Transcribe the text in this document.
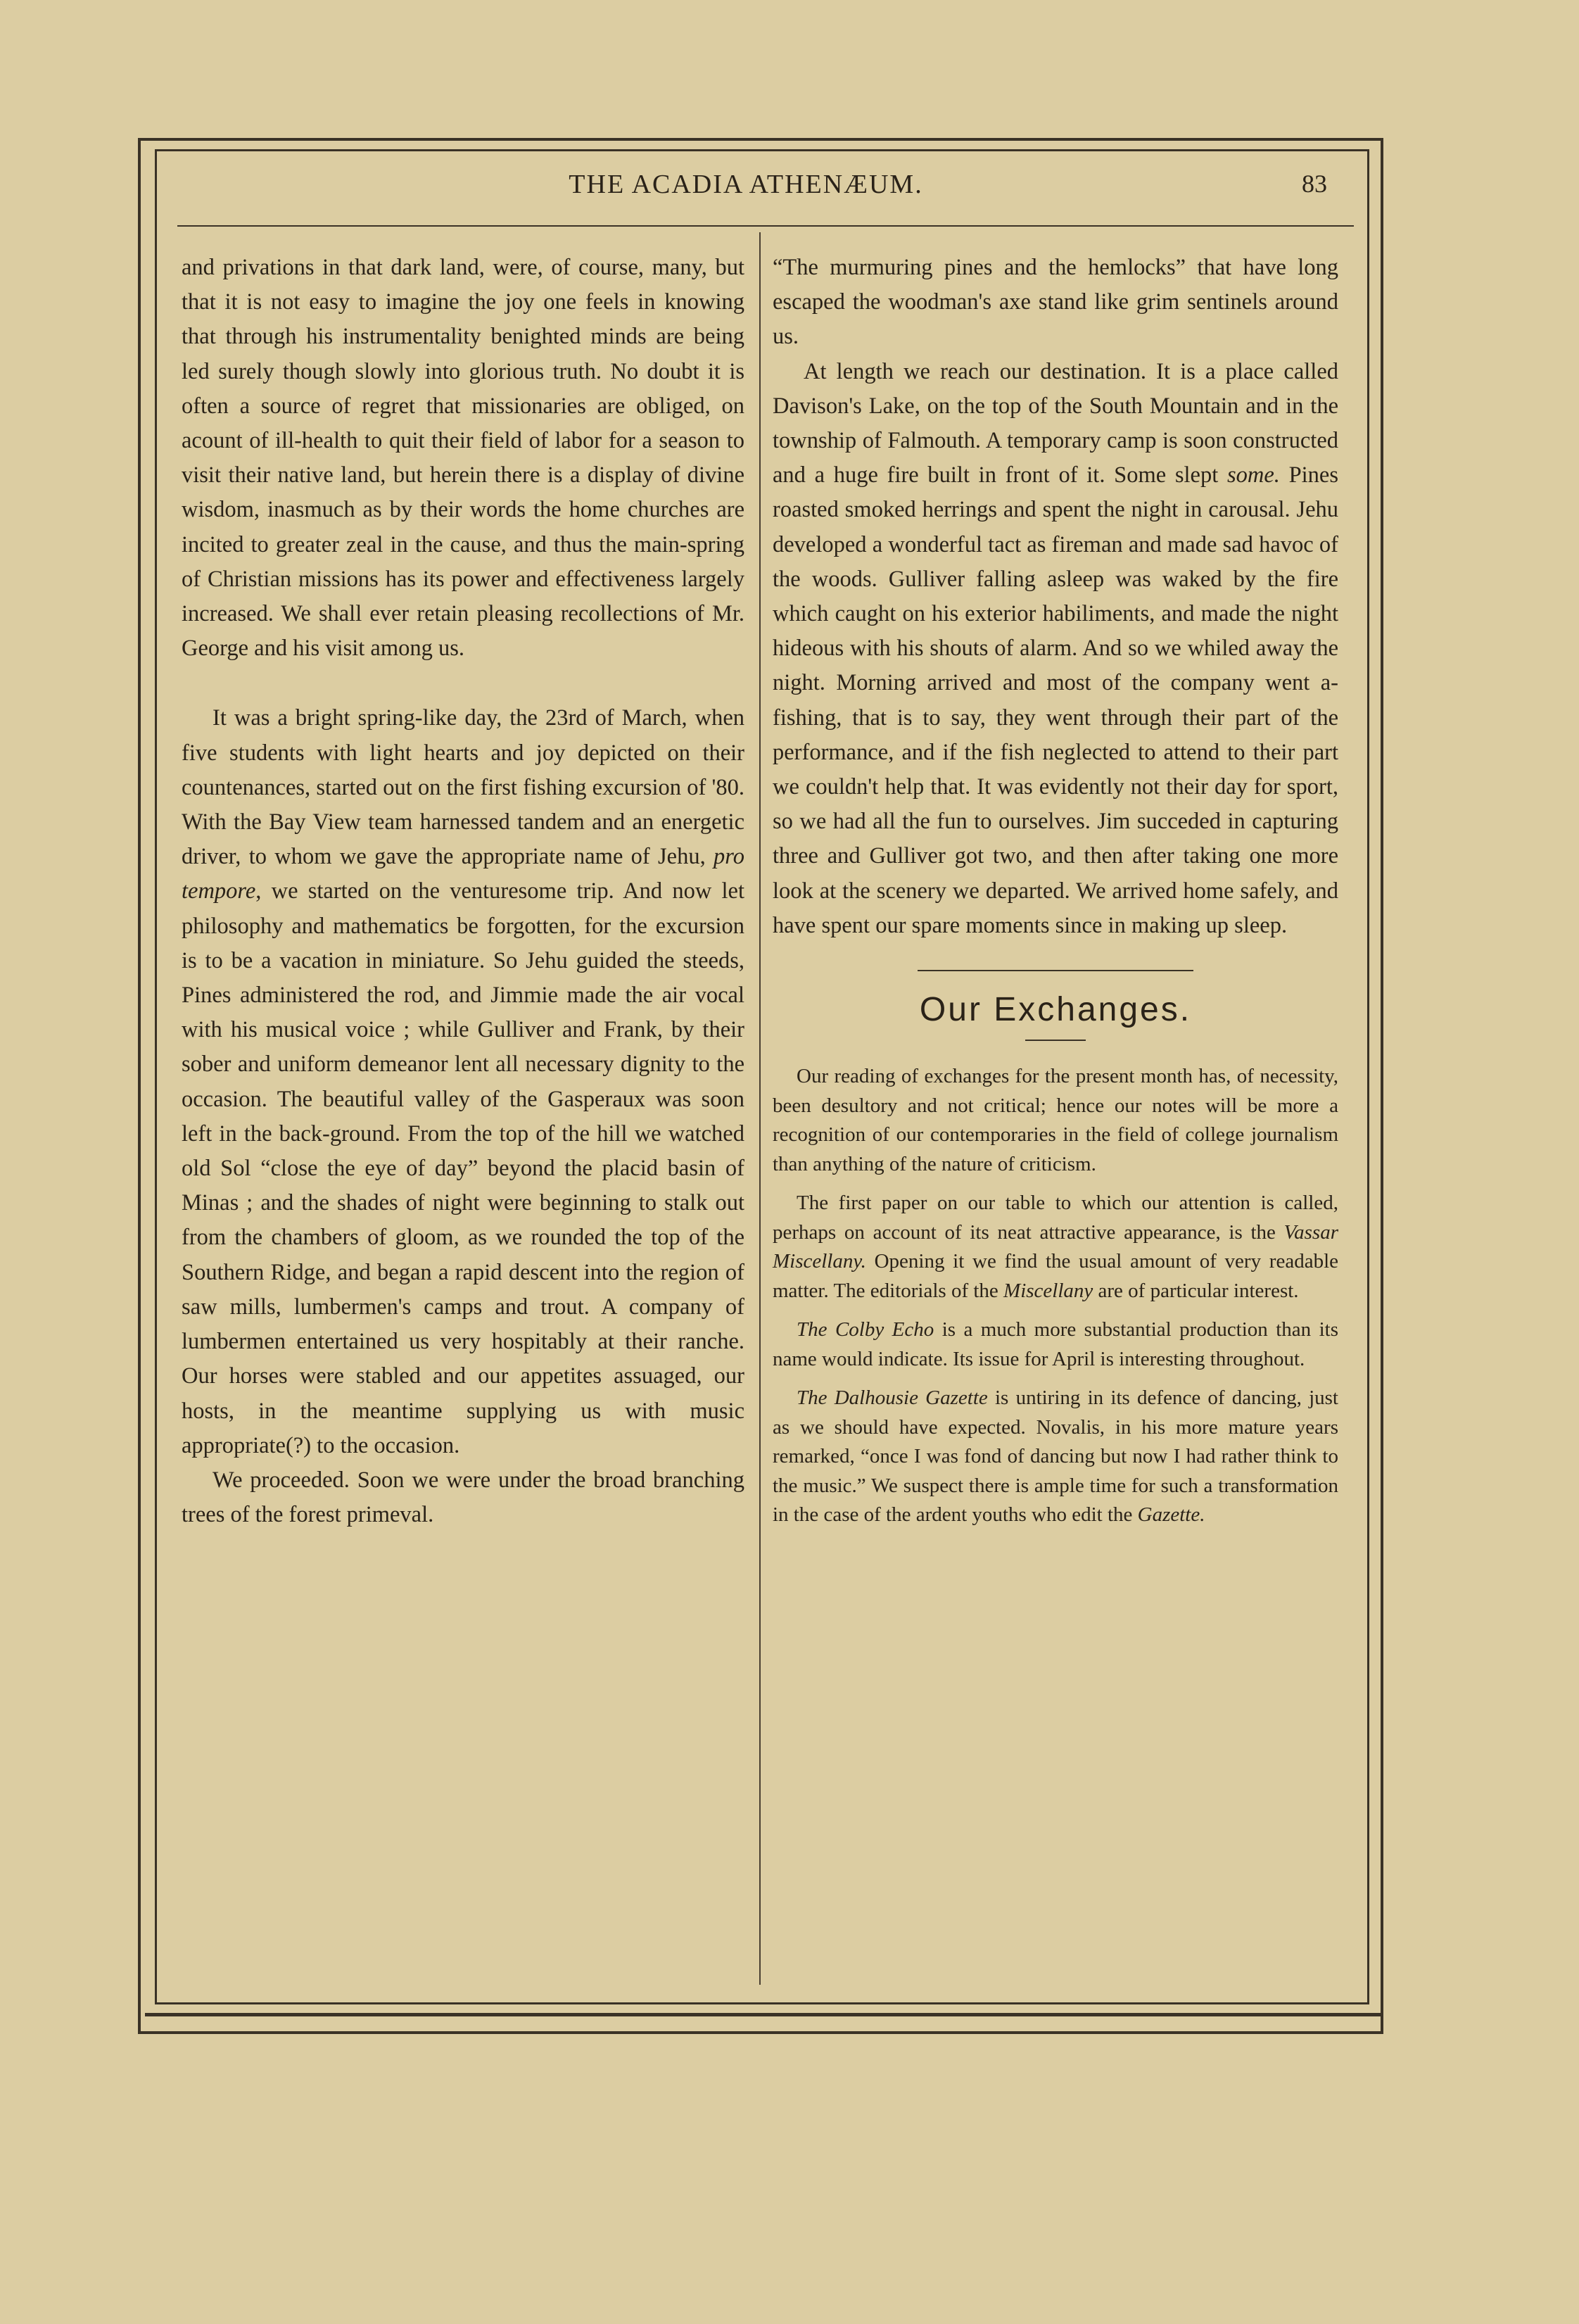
THE ACADIA ATHENÆUM.	83

and privations in that dark land, were, of course, many, but that it is not easy to imagine the joy one feels in knowing that through his instrumentality benighted minds are being led surely though slowly into glorious truth. No doubt it is often a source of regret that missionaries are obliged, on acount of ill-health to quit their field of labor for a season to visit their native land, but herein there is a display of divine wisdom, inasmuch as by their words the home churches are incited to greater zeal in the cause, and thus the main-spring of Christian missions has its power and effectiveness largely increased. We shall ever retain pleasing recollections of Mr. George and his visit among us.

It was a bright spring-like day, the 23rd of March, when five students with light hearts and joy depicted on their countenances, started out on the first fishing excursion of '80. With the Bay View team harnessed tandem and an energetic driver, to whom we gave the appropriate name of Jehu, pro tempore, we started on the venturesome trip. And now let philosophy and mathematics be forgotten, for the excursion is to be a vacation in miniature. So Jehu guided the steeds, Pines administered the rod, and Jimmie made the air vocal with his musical voice ; while Gulliver and Frank, by their sober and uniform demeanor lent all necessary dignity to the occasion. The beautiful valley of the Gasperaux was soon left in the back-ground. From the top of the hill we watched old Sol “close the eye of day” beyond the placid basin of Minas ; and the shades of night were beginning to stalk out from the chambers of gloom, as we rounded the top of the Southern Ridge, and began a rapid descent into the region of saw mills, lumbermen's camps and trout. A company of lumbermen entertained us very hospitably at their ranche. Our horses were stabled and our appetites assuaged, our hosts, in the meantime supplying us with music appropriate(?) to the occasion.

We proceeded. Soon we were under the broad branching trees of the forest primeval.

“The murmuring pines and the hemlocks” that have long escaped the woodman's axe stand like grim sentinels around us.

At length we reach our destination. It is a place called Davison's Lake, on the top of the South Mountain and in the township of Falmouth. A temporary camp is soon constructed and a huge fire built in front of it. Some slept some. Pines roasted smoked herrings and spent the night in carousal. Jehu developed a wonderful tact as fireman and made sad havoc of the woods. Gulliver falling asleep was waked by the fire which caught on his exterior habiliments, and made the night hideous with his shouts of alarm. And so we whiled away the night. Morning arrived and most of the company went a-fishing, that is to say, they went through their part of the performance, and if the fish neglected to attend to their part we couldn't help that. It was evidently not their day for sport, so we had all the fun to ourselves. Jim succeded in capturing three and Gulliver got two, and then after taking one more look at the scenery we departed. We arrived home safely, and have spent our spare moments since in making up sleep.

Our Exchanges.

Our reading of exchanges for the present month has, of necessity, been desultory and not critical; hence our notes will be more a recognition of our contemporaries in the field of college journalism than anything of the nature of criticism.

The first paper on our table to which our attention is called, perhaps on account of its neat attractive appearance, is the Vassar Miscellany. Opening it we find the usual amount of very readable matter. The editorials of the Miscellany are of particular interest.

The Colby Echo is a much more substantial production than its name would indicate. Its issue for April is interesting throughout.

The Dalhousie Gazette is untiring in its defence of dancing, just as we should have expected. Novalis, in his more mature years remarked, “once I was fond of dancing but now I had rather think to the music.” We suspect there is ample time for such a transformation in the case of the ardent youths who edit the Gazette.
